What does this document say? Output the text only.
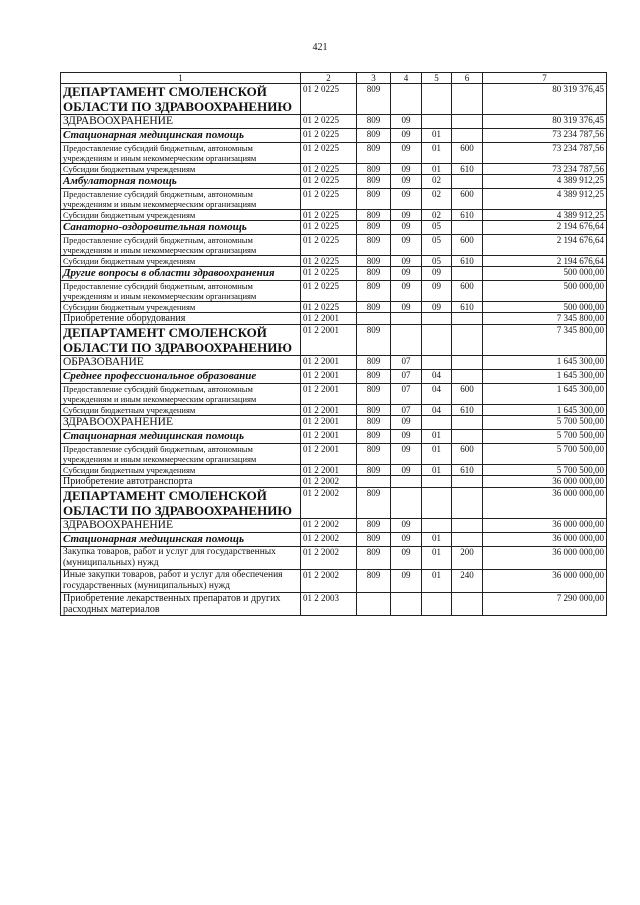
421
1	2	3	4	5	6	7
ДЕПАРТАМЕНТ СМОЛЕНСКОЙ ОБЛАСТИ ПО ЗДРАВООХРАНЕНИЮ	01 2 0225	809				80 319 376,45
ЗДРАВООХРАНЕНИЕ	01 2 0225	809	09			80 319 376,45
Стационарная медицинская помощь	01 2 0225	809	09	01		73 234 787,56
Предоставление субсидий бюджетным, автономным учреждениям и иным некоммерческим организациям	01 2 0225	809	09	01	600	73 234 787,56
Субсидии бюджетным учреждениям	01 2 0225	809	09	01	610	73 234 787,56
Амбулаторная помощь	01 2 0225	809	09	02		4 389 912,25
Предоставление субсидий бюджетным, автономным учреждениям и иным некоммерческим организациям	01 2 0225	809	09	02	600	4 389 912,25
Субсидии бюджетным учреждениям	01 2 0225	809	09	02	610	4 389 912,25
Санаторно-оздоровительная помощь	01 2 0225	809	09	05		2 194 676,64
Предоставление субсидий бюджетным, автономным учреждениям и иным некоммерческим организациям	01 2 0225	809	09	05	600	2 194 676,64
Субсидии бюджетным учреждениям	01 2 0225	809	09	05	610	2 194 676,64
Другие вопросы в области здравоохранения	01 2 0225	809	09	09		500 000,00
Предоставление субсидий бюджетным, автономным учреждениям и иным некоммерческим организациям	01 2 0225	809	09	09	600	500 000,00
Субсидии бюджетным учреждениям	01 2 0225	809	09	09	610	500 000,00
Приобретение оборудования	01 2 2001					7 345 800,00
ДЕПАРТАМЕНТ СМОЛЕНСКОЙ ОБЛАСТИ ПО ЗДРАВООХРАНЕНИЮ	01 2 2001	809				7 345 800,00
ОБРАЗОВАНИЕ	01 2 2001	809	07			1 645 300,00
Среднее профессиональное образование	01 2 2001	809	07	04		1 645 300,00
Предоставление субсидий бюджетным, автономным учреждениям и иным некоммерческим организациям	01 2 2001	809	07	04	600	1 645 300,00
Субсидии бюджетным учреждениям	01 2 2001	809	07	04	610	1 645 300,00
ЗДРАВООХРАНЕНИЕ	01 2 2001	809	09			5 700 500,00
Стационарная медицинская помощь	01 2 2001	809	09	01		5 700 500,00
Предоставление субсидий бюджетным, автономным учреждениям и иным некоммерческим организациям	01 2 2001	809	09	01	600	5 700 500,00
Субсидии бюджетным учреждениям	01 2 2001	809	09	01	610	5 700 500,00
Приобретение автотранспорта	01 2 2002					36 000 000,00
ДЕПАРТАМЕНТ СМОЛЕНСКОЙ ОБЛАСТИ ПО ЗДРАВООХРАНЕНИЮ	01 2 2002	809				36 000 000,00
ЗДРАВООХРАНЕНИЕ	01 2 2002	809	09			36 000 000,00
Стационарная медицинская помощь	01 2 2002	809	09	01		36 000 000,00
Закупка товаров, работ и услуг для государственных (муниципальных) нужд	01 2 2002	809	09	01	200	36 000 000,00
Иные закупки товаров, работ и услуг для обеспечения государственных (муниципальных) нужд	01 2 2002	809	09	01	240	36 000 000,00
Приобретение лекарственных препаратов и других расходных материалов	01 2 2003					7 290 000,00
